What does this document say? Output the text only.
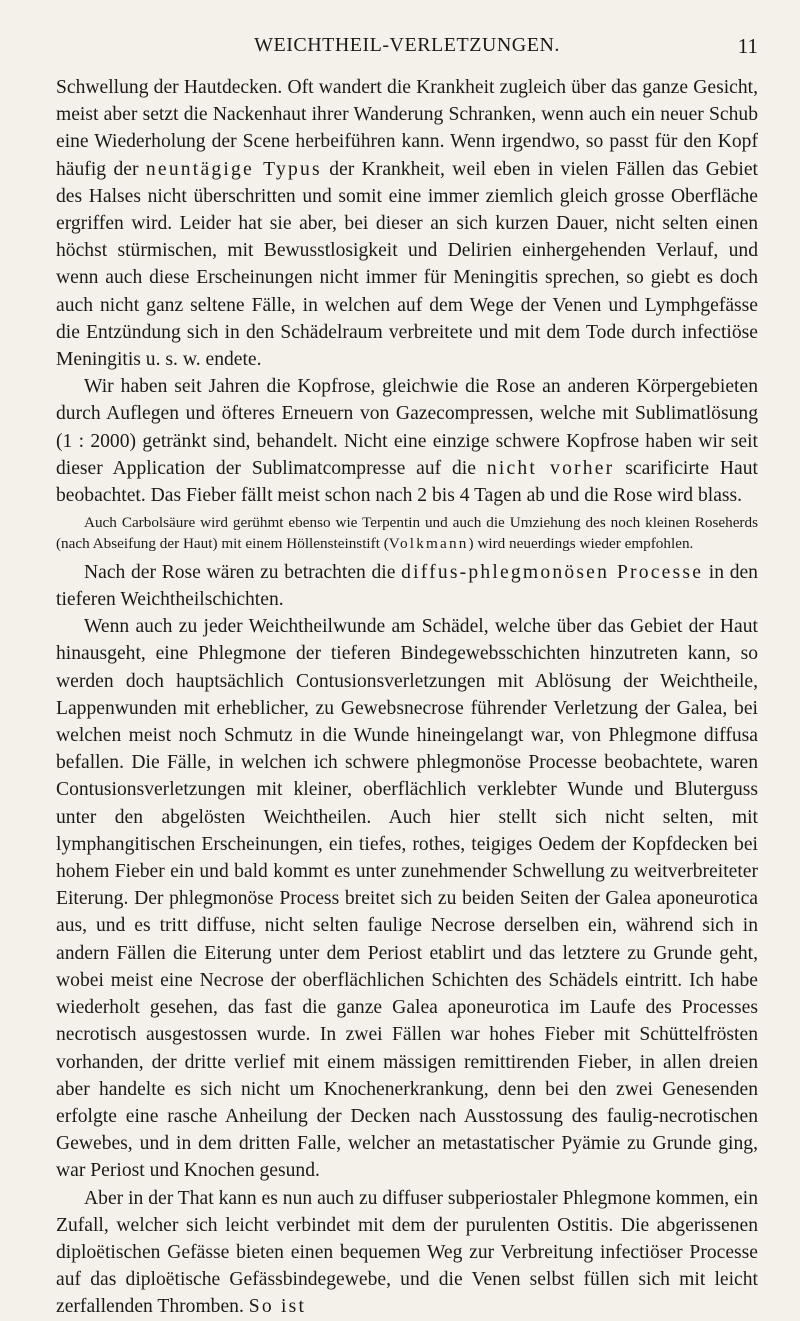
WEICHTHEIL-VERLETZUNGEN.	11

Schwellung der Hautdecken. Oft wandert die Krankheit zugleich über das ganze Gesicht, meist aber setzt die Nackenhaut ihrer Wanderung Schranken, wenn auch ein neuer Schub eine Wiederholung der Scene herbeiführen kann. Wenn irgendwo, so passt für den Kopf häufig der neuntägige Typus der Krankheit, weil eben in vielen Fällen das Gebiet des Halses nicht überschritten und somit eine immer ziemlich gleich grosse Oberfläche ergriffen wird. Leider hat sie aber, bei dieser an sich kurzen Dauer, nicht selten einen höchst stürmischen, mit Bewusstlosigkeit und Delirien einhergehenden Verlauf, und wenn auch diese Erscheinungen nicht immer für Meningitis sprechen, so giebt es doch auch nicht ganz seltene Fälle, in welchen auf dem Wege der Venen und Lymphgefässe die Entzündung sich in den Schädelraum verbreitete und mit dem Tode durch infectiöse Meningitis u. s. w. endete.

Wir haben seit Jahren die Kopfrose, gleichwie die Rose an anderen Körpergebieten durch Auflegen und öfteres Erneuern von Gazecompressen, welche mit Sublimatlösung (1 : 2000) getränkt sind, behandelt. Nicht eine einzige schwere Kopfrose haben wir seit dieser Application der Sublimatcompresse auf die nicht vorher scarificirte Haut beobachtet. Das Fieber fällt meist schon nach 2 bis 4 Tagen ab und die Rose wird blass.

Auch Carbolsäure wird gerühmt ebenso wie Terpentin und auch die Umziehung des noch kleinen Roseherds (nach Abseifung der Haut) mit einem Höllensteinstift (Volkmann) wird neuerdings wieder empfohlen.

Nach der Rose wären zu betrachten die diffus-phlegmonösen Processe in den tieferen Weichtheilschichten.

Wenn auch zu jeder Weichtheilwunde am Schädel, welche über das Gebiet der Haut hinausgeht, eine Phlegmone der tieferen Bindegewebsschichten hinzutreten kann, so werden doch hauptsächlich Contusionsverletzungen mit Ablösung der Weichtheile, Lappenwunden mit erheblicher, zu Gewebsnecrose führender Verletzung der Galea, bei welchen meist noch Schmutz in die Wunde hineingelangt war, von Phlegmone diffusa befallen. Die Fälle, in welchen ich schwere phlegmonöse Processe beobachtete, waren Contusionsverletzungen mit kleiner, oberflächlich verklebter Wunde und Bluterguss unter den abgelösten Weichtheilen. Auch hier stellt sich nicht selten, mit lymphangitischen Erscheinungen, ein tiefes, rothes, teigiges Oedem der Kopfdecken bei hohem Fieber ein und bald kommt es unter zunehmender Schwellung zu weitverbreiteter Eiterung. Der phlegmonöse Process breitet sich zu beiden Seiten der Galea aponeurotica aus, und es tritt diffuse, nicht selten faulige Necrose derselben ein, während sich in andern Fällen die Eiterung unter dem Periost etablirt und das letztere zu Grunde geht, wobei meist eine Necrose der oberflächlichen Schichten des Schädels eintritt. Ich habe wiederholt gesehen, das fast die ganze Galea aponeurotica im Laufe des Processes necrotisch ausgestossen wurde. In zwei Fällen war hohes Fieber mit Schüttelfrösten vorhanden, der dritte verlief mit einem mässigen remittirenden Fieber, in allen dreien aber handelte es sich nicht um Knochenerkrankung, denn bei den zwei Genesenden erfolgte eine rasche Anheilung der Decken nach Ausstossung des faulig-necrotischen Gewebes, und in dem dritten Falle, welcher an metastatischer Pyämie zu Grunde ging, war Periost und Knochen gesund.

Aber in der That kann es nun auch zu diffuser subperiostaler Phlegmone kommen, ein Zufall, welcher sich leicht verbindet mit dem der purulenten Ostitis. Die abgerissenen diploëtischen Gefässe bieten einen bequemen Weg zur Verbreitung infectiöser Processe auf das diploëtische Gefässbindegewebe, und die Venen selbst füllen sich mit leicht zerfallenden Thromben. So ist
